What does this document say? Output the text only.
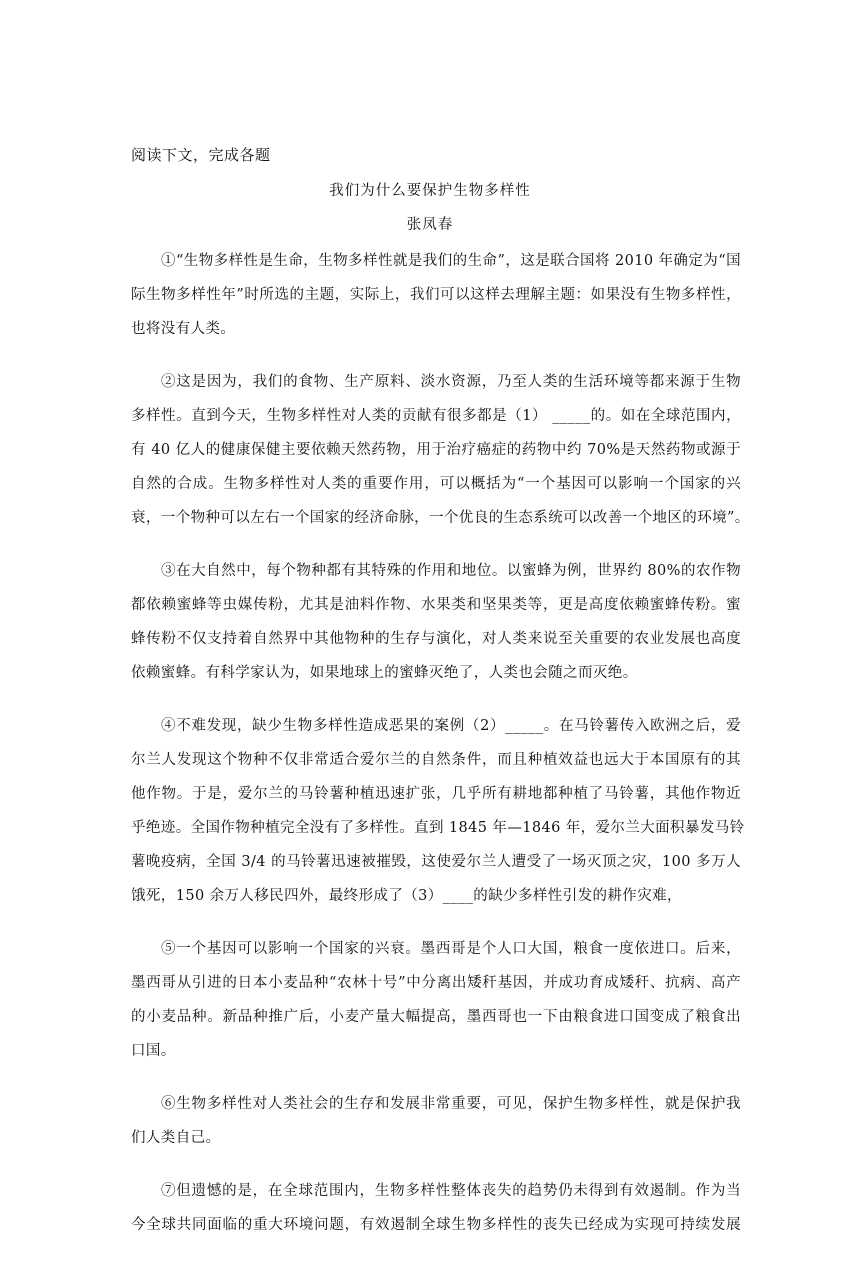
阅读下文，完成各题
我们为什么要保护生物多样性
张凤春
①“生物多样性是生命，生物多样性就是我们的生命”，这是联合国将 2010 年确定为“国
际生物多样性年”时所选的主题，实际上，我们可以这样去理解主题：如果没有生物多样性，
也将没有人类。
②这是因为，我们的食物、生产原料、淡水资源，乃至人类的生活环境等都来源于生物
多样性。直到今天，生物多样性对人类的贡献有很多都是（1） _____的。如在全球范围内，
有 40 亿人的健康保健主要依赖天然药物，用于治疗癌症的药物中约 70%是天然药物或源于
自然的合成。生物多样性对人类的重要作用，可以概括为“一个基因可以影响一个国家的兴
衰，一个物种可以左右一个国家的经济命脉，一个优良的生态系统可以改善一个地区的环境”。
③在大自然中，每个物种都有其特殊的作用和地位。以蜜蜂为例，世界约 80%的农作物
都依赖蜜蜂等虫媒传粉，尤其是油料作物、水果类和坚果类等，更是高度依赖蜜蜂传粉。蜜
蜂传粉不仅支持着自然界中其他物种的生存与演化，对人类来说至关重要的农业发展也高度
依赖蜜蜂。有科学家认为，如果地球上的蜜蜂灭绝了，人类也会随之而灭绝。
④不难发现，缺少生物多样性造成恶果的案例（2）_____。在马铃薯传入欧洲之后，爱
尔兰人发现这个物种不仅非常适合爱尔兰的自然条件，而且种植效益也远大于本国原有的其
他作物。于是，爱尔兰的马铃薯种植迅速扩张，几乎所有耕地都种植了马铃薯，其他作物近
乎绝迹。全国作物种植完全没有了多样性。直到 1845 年—1846 年，爱尔兰大面积暴发马铃
薯晚疫病，全国 3/4 的马铃薯迅速被摧毁，这使爱尔兰人遭受了一场灭顶之灾，100 多万人
饿死，150 余万人移民四外，最终形成了（3）____的缺少多样性引发的耕作灾难，
⑤一个基因可以影响一个国家的兴衰。墨西哥是个人口大国，粮食一度依进口。后来，
墨西哥从引进的日本小麦品种“农林十号”中分离出矮秆基因，并成功育成矮秆、抗病、高产
的小麦品种。新品种推广后，小麦产量大幅提高，墨西哥也一下由粮食进口国变成了粮食出
口国。
⑥生物多样性对人类社会的生存和发展非常重要，可见，保护生物多样性，就是保护我
们人类自己。
⑦但遗憾的是，在全球范围内，生物多样性整体丧失的趋势仍未得到有效遏制。作为当
今全球共同面临的重大环境问题，有效遏制全球生物多样性的丧失已经成为实现可持续发展
